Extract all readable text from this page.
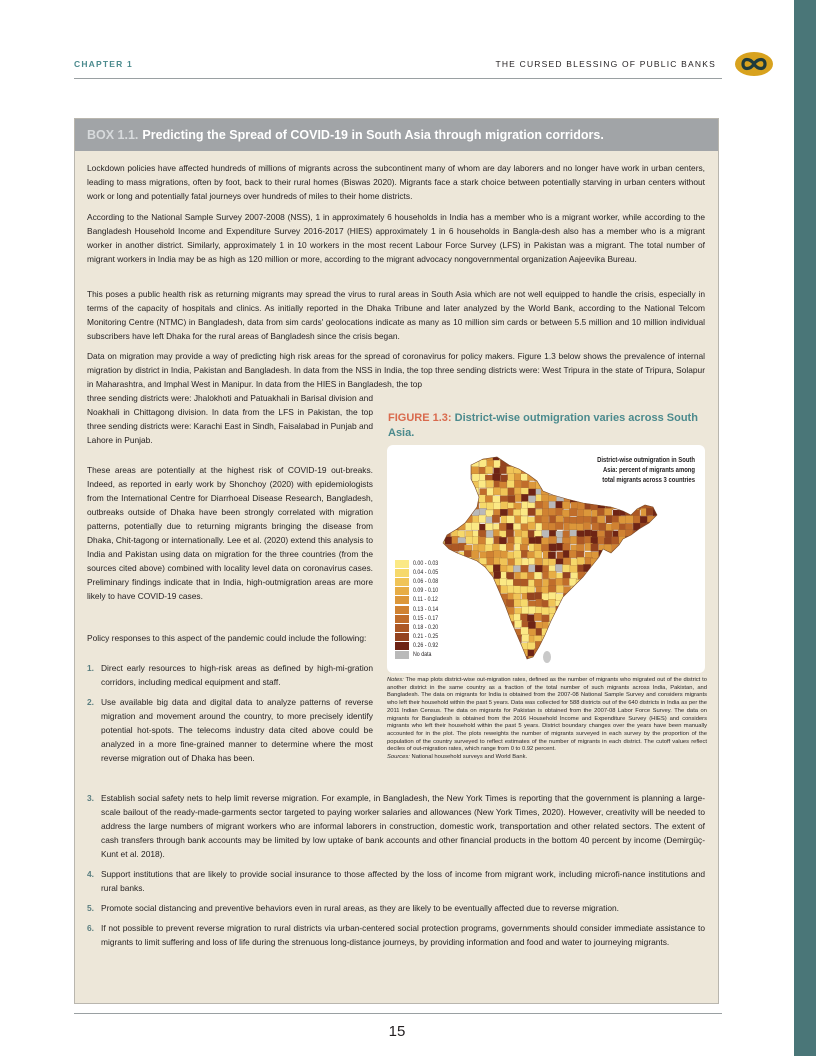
CHAPTER 1	THE CURSED BLESSING OF PUBLIC BANKS
BOX 1.1. Predicting the Spread of COVID-19 in South Asia through migration corridors.

Lockdown policies have affected hundreds of millions of migrants across the subcontinent many of whom are day laborers and no longer have work in urban centers, leading to mass migrations, often by foot, back to their rural homes (Biswas 2020). Migrants face a stark choice between potentially starving in urban centers without work or long and potentially fatal journeys over hundreds of miles to their home districts.

According to the National Sample Survey 2007-2008 (NSS), 1 in approximately 6 households in India has a member who is a migrant worker, while according to the Bangladesh Household Income and Expenditure Survey 2016-2017 (HIES) approximately 1 in 6 households in Bangla-desh also has a member who is a migrant worker in another district. Similarly, approximately 1 in 10 workers in the most recent Labour Force Survey (LFS) in Pakistan was a migrant. The total number of migrant workers in India may be as high as 120 million or more, according to the migrant advocacy nongovernmental organization Aajeevika Bureau.

This poses a public health risk as returning migrants may spread the virus to rural areas in South Asia which are not well equipped to handle the crisis, especially in terms of the capacity of hospitals and clinics. As initially reported in the Dhaka Tribune and later analyzed by the World Bank, according to the National Telcom Monitoring Centre (NTMC) in Bangladesh, data from sim cards' geolocations indicate as many as 10 million sim cards or between 5.5 million and 10 million individual subscribers have left Dhaka for the rural areas of Bangladesh since the crisis began.

Data on migration may provide a way of predicting high risk areas for the spread of coronavirus for policy makers. Figure 1.3 below shows the prevalence of internal migration by district in India, Pakistan and Bangladesh. In data from the NSS in India, the top three sending districts were: West Tripura in the state of Tripura, Solapur in Maharashtra, and Imphal West in Manipur. In data from the HIES in Bangladesh, the top

three sending districts were: Jhalokhoti and Patuakhali in Barisal division and Noakhali in Chittagong division. In data from the LFS in Pakistan, the top three sending districts were: Karachi East in Sindh, Faisalabad in Punjab and Lahore in Punjab.

These areas are potentially at the highest risk of COVID-19 out-breaks. Indeed, as reported in early work by Shonchoy (2020) with epidemiologists from the International Centre for Diarrhoeal Disease Research, Bangladesh, outbreaks outside of Dhaka have been strongly correlated with migration patterns, potentially due to returning migrants bringing the disease from Dhaka, Chit-tagong or internationally. Lee et al. (2020) extend this analysis to India and Pakistan using data on migration for the three countries (from the sources cited above) combined with locality level data on coronavirus cases. Preliminary findings indicate that in India, high-outmigration areas are more likely to have COVID-19 cases.

Policy responses to this aspect of the pandemic could include the following:

1. Direct early resources to high-risk areas as defined by high-mi-gration corridors, including medical equipment and staff.
2. Use available big data and digital data to analyze patterns of reverse migration and movement around the country, to more precisely identify potential hot-spots. The telecoms industry data cited above could be analyzed in a more fine-grained manner to determine where the most reverse migration out of Dhaka has been.
3. Establish social safety nets to help limit reverse migration. For example, in Bangladesh, the New York Times is reporting that the government is planning a large-scale bailout of the ready-made-garments sector targeted to paying worker salaries and allowances (New York Times, 2020). However, creativity will be needed to address the large numbers of migrant workers who are informal laborers in construction, domestic work, transportation and other related sectors. The extent of cash transfers through bank accounts may be limited by low uptake of bank accounts and other financial products in the bottom 40 percent by income (Demirgüç-Kunt et al. 2018).
4. Support institutions that are likely to provide social insurance to those affected by the loss of income from migrant work, including microfi-nance institutions and rural banks.
5. Promote social distancing and preventive behaviors even in rural areas, as they are likely to be eventually affected due to reverse migration.
6. If not possible to prevent reverse migration to rural districts via urban-centered social protection programs, governments should consider immediate assistance to migrants to limit suffering and loss of life during the strenuous long-distance journeys, by providing information and food and water to journeying migrants.
FIGURE 1.3: District-wise outmigration varies across South Asia.
District-wise outmigration in South Asia: percent of migrants among total migrants across 3 countries
0.00 - 0.03
0.04 - 0.05
0.06 - 0.08
0.09 - 0.10
0.11 - 0.12
0.13 - 0.14
0.15 - 0.17
0.18 - 0.20
0.21 - 0.25
0.26 - 0.92
No data
Notes: The map plots district-wise out-migration rates, defined as the number of migrants who migrated out of the district to another district in the same country as a fraction of the total number of such migrants across India, Pakistan, and Bangladesh. The data on migrants for India is obtained from the 2007-08 National Sample Survey and considers migrants who left their household within the past 5 years. Data was collected for 588 districts out of the 640 districts in India as per the 2011 Indian Census. The data on migrants for Pakistan is obtained from the 2007-08 Labor Force Survey. The data on migrants for Bangladesh is obtained from the 2016 Household Income and Expenditure Survey (HIES) and considers migrants who left their household within the past 5 years. District boundary changes over the years have been manually accounted for in the plot. The plots reweights the number of migrants surveyed in each survey by the proportion of the population of the country surveyed to reflect estimates of the number of migrants in each district. The cutoff values reflect deciles of out-migration rates, which range from 0 to 0.92 percent.
Sources: National household surveys and World Bank.
15
